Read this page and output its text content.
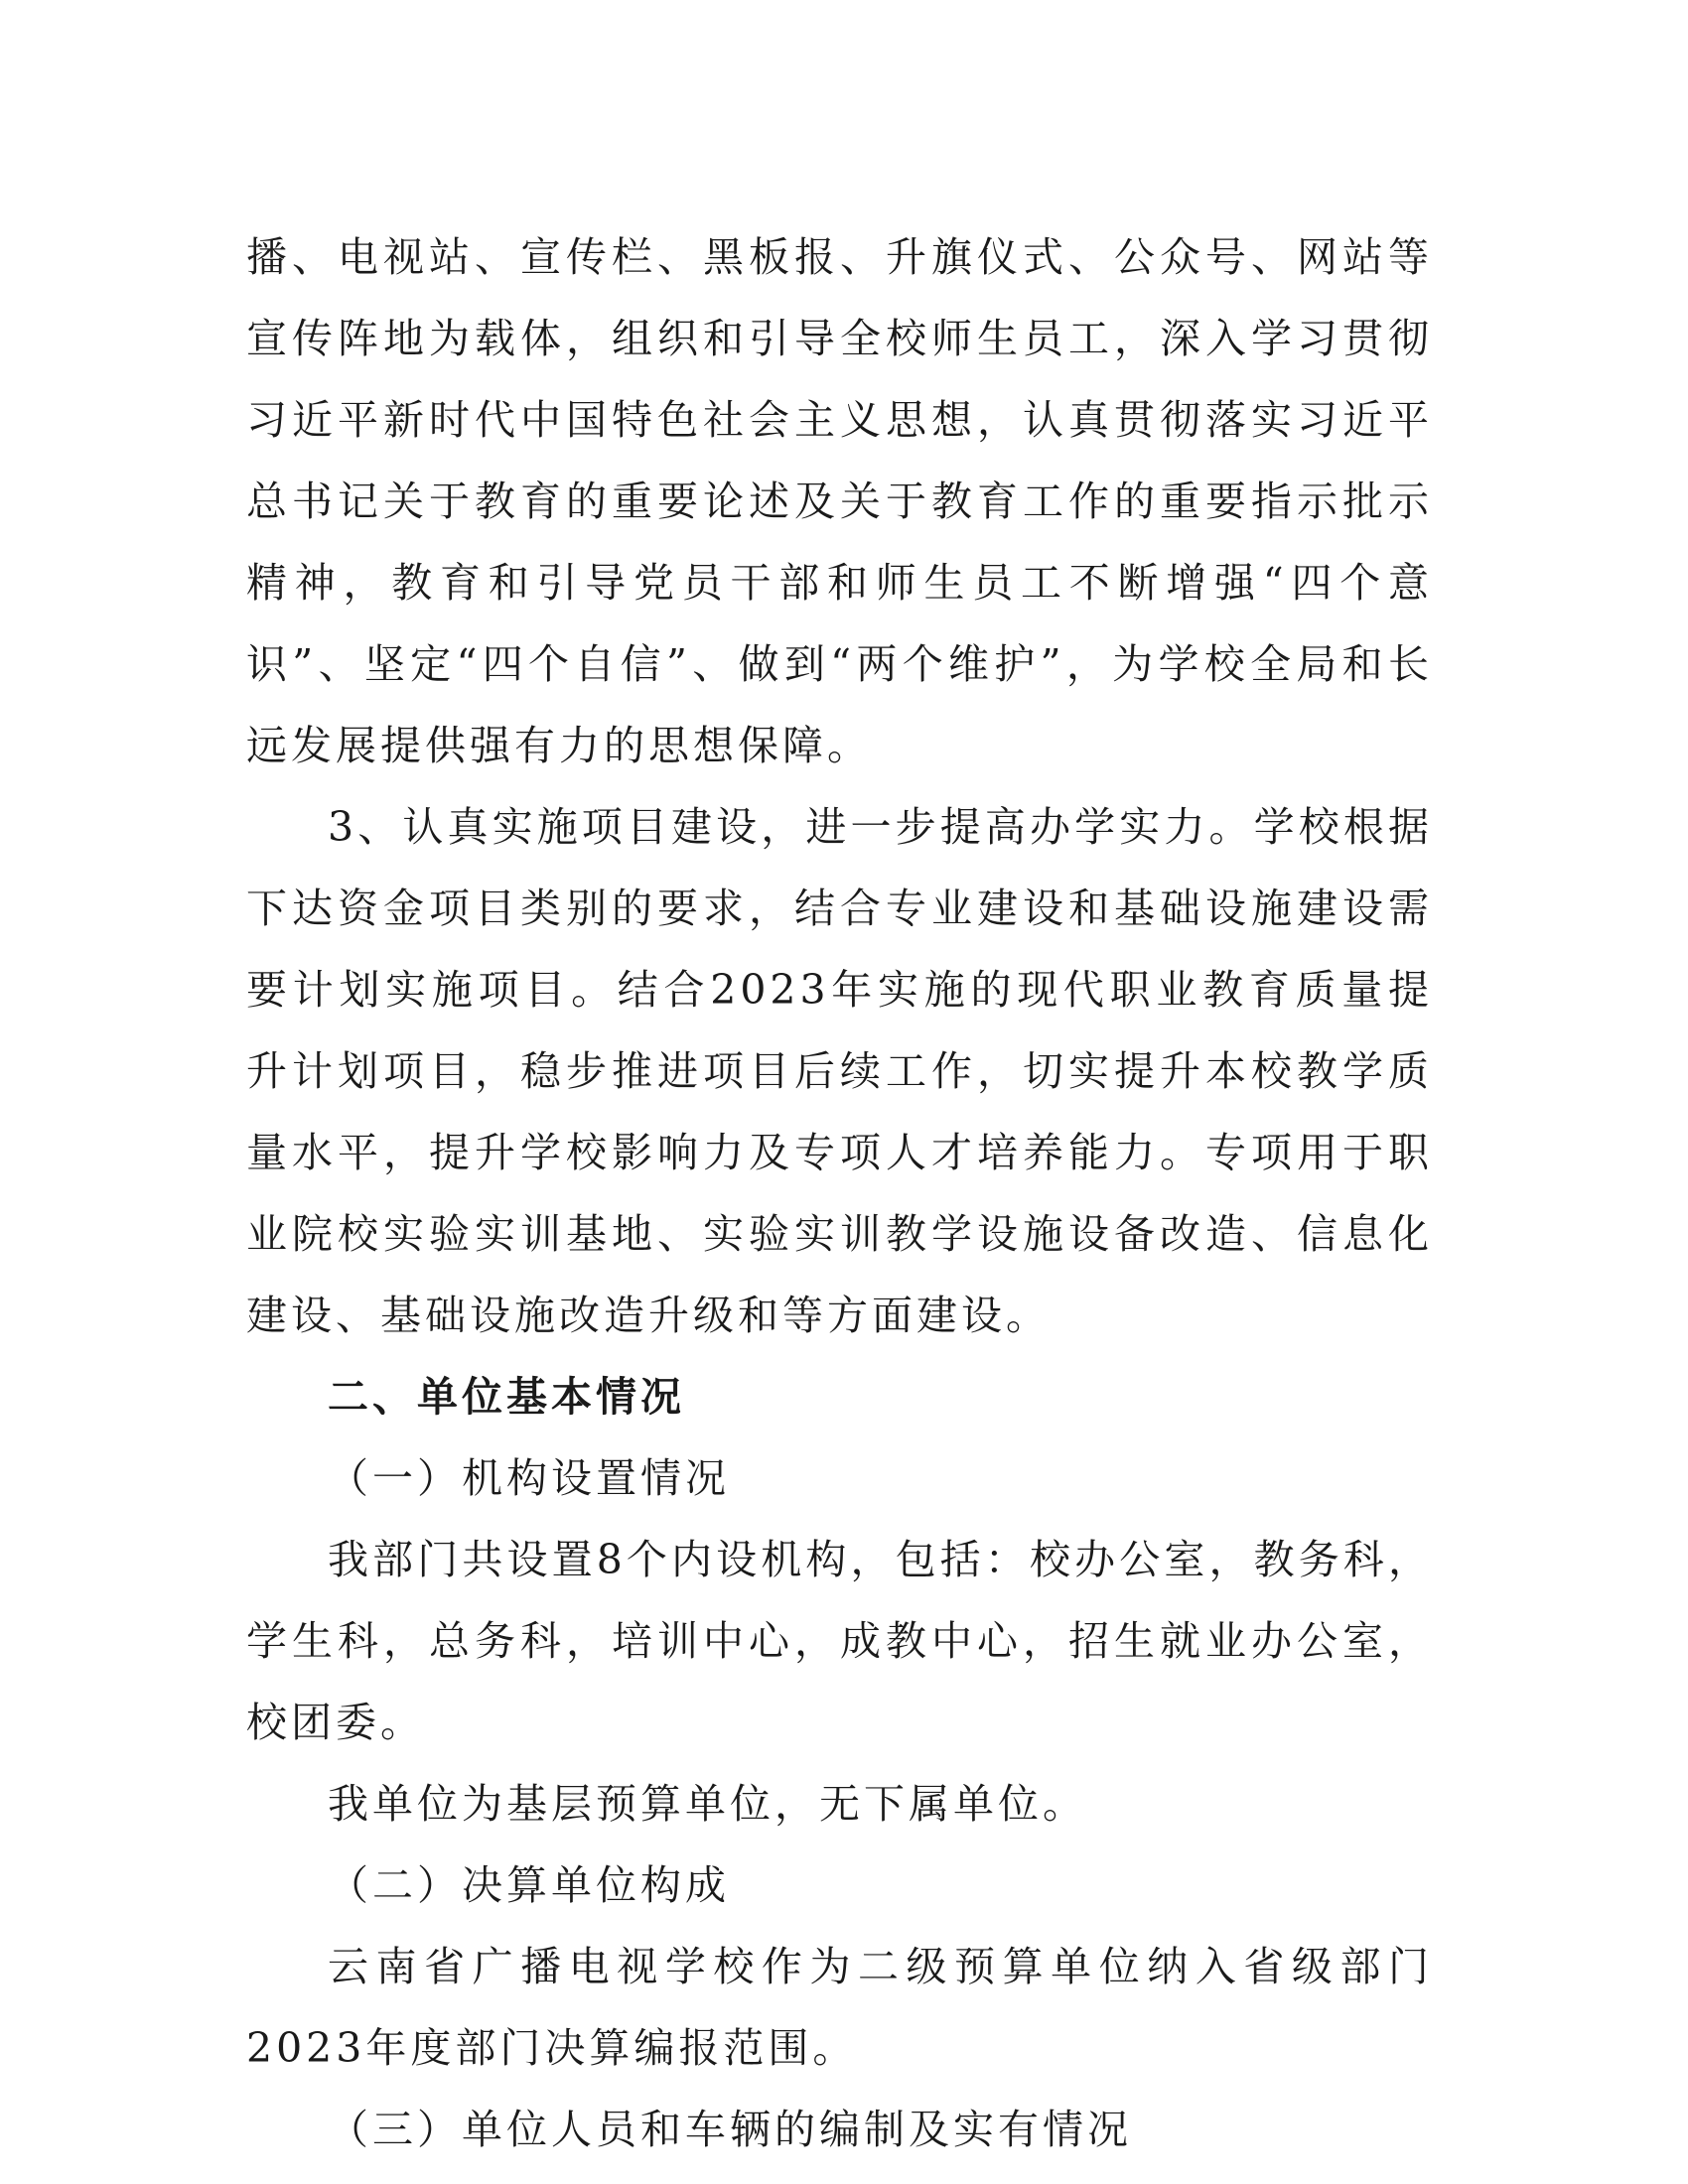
播、电视站、宣传栏、黑板报、升旗仪式、公众号、网站等宣传阵地为载体，组织和引导全校师生员工，深入学习贯彻习近平新时代中国特色社会主义思想，认真贯彻落实习近平总书记关于教育的重要论述及关于教育工作的重要指示批示精神，教育和引导党员干部和师生员工不断增强“四个意识”、坚定“四个自信”、做到“两个维护”，为学校全局和长远发展提供强有力的思想保障。

3、认真实施项目建设，进一步提高办学实力。学校根据下达资金项目类别的要求，结合专业建设和基础设施建设需要计划实施项目。结合2023年实施的现代职业教育质量提升计划项目，稳步推进项目后续工作，切实提升本校教学质量水平，提升学校影响力及专项人才培养能力。专项用于职业院校实验实训基地、实验实训教学设施设备改造、信息化建设、基础设施改造升级和等方面建设。

二、单位基本情况

（一）机构设置情况

我部门共设置8个内设机构，包括：校办公室，教务科，学生科，总务科，培训中心，成教中心，招生就业办公室，校团委。

我单位为基层预算单位，无下属单位。

（二）决算单位构成

云南省广播电视学校作为二级预算单位纳入省级部门2023年度部门决算编报范围。

（三）单位人员和车辆的编制及实有情况
